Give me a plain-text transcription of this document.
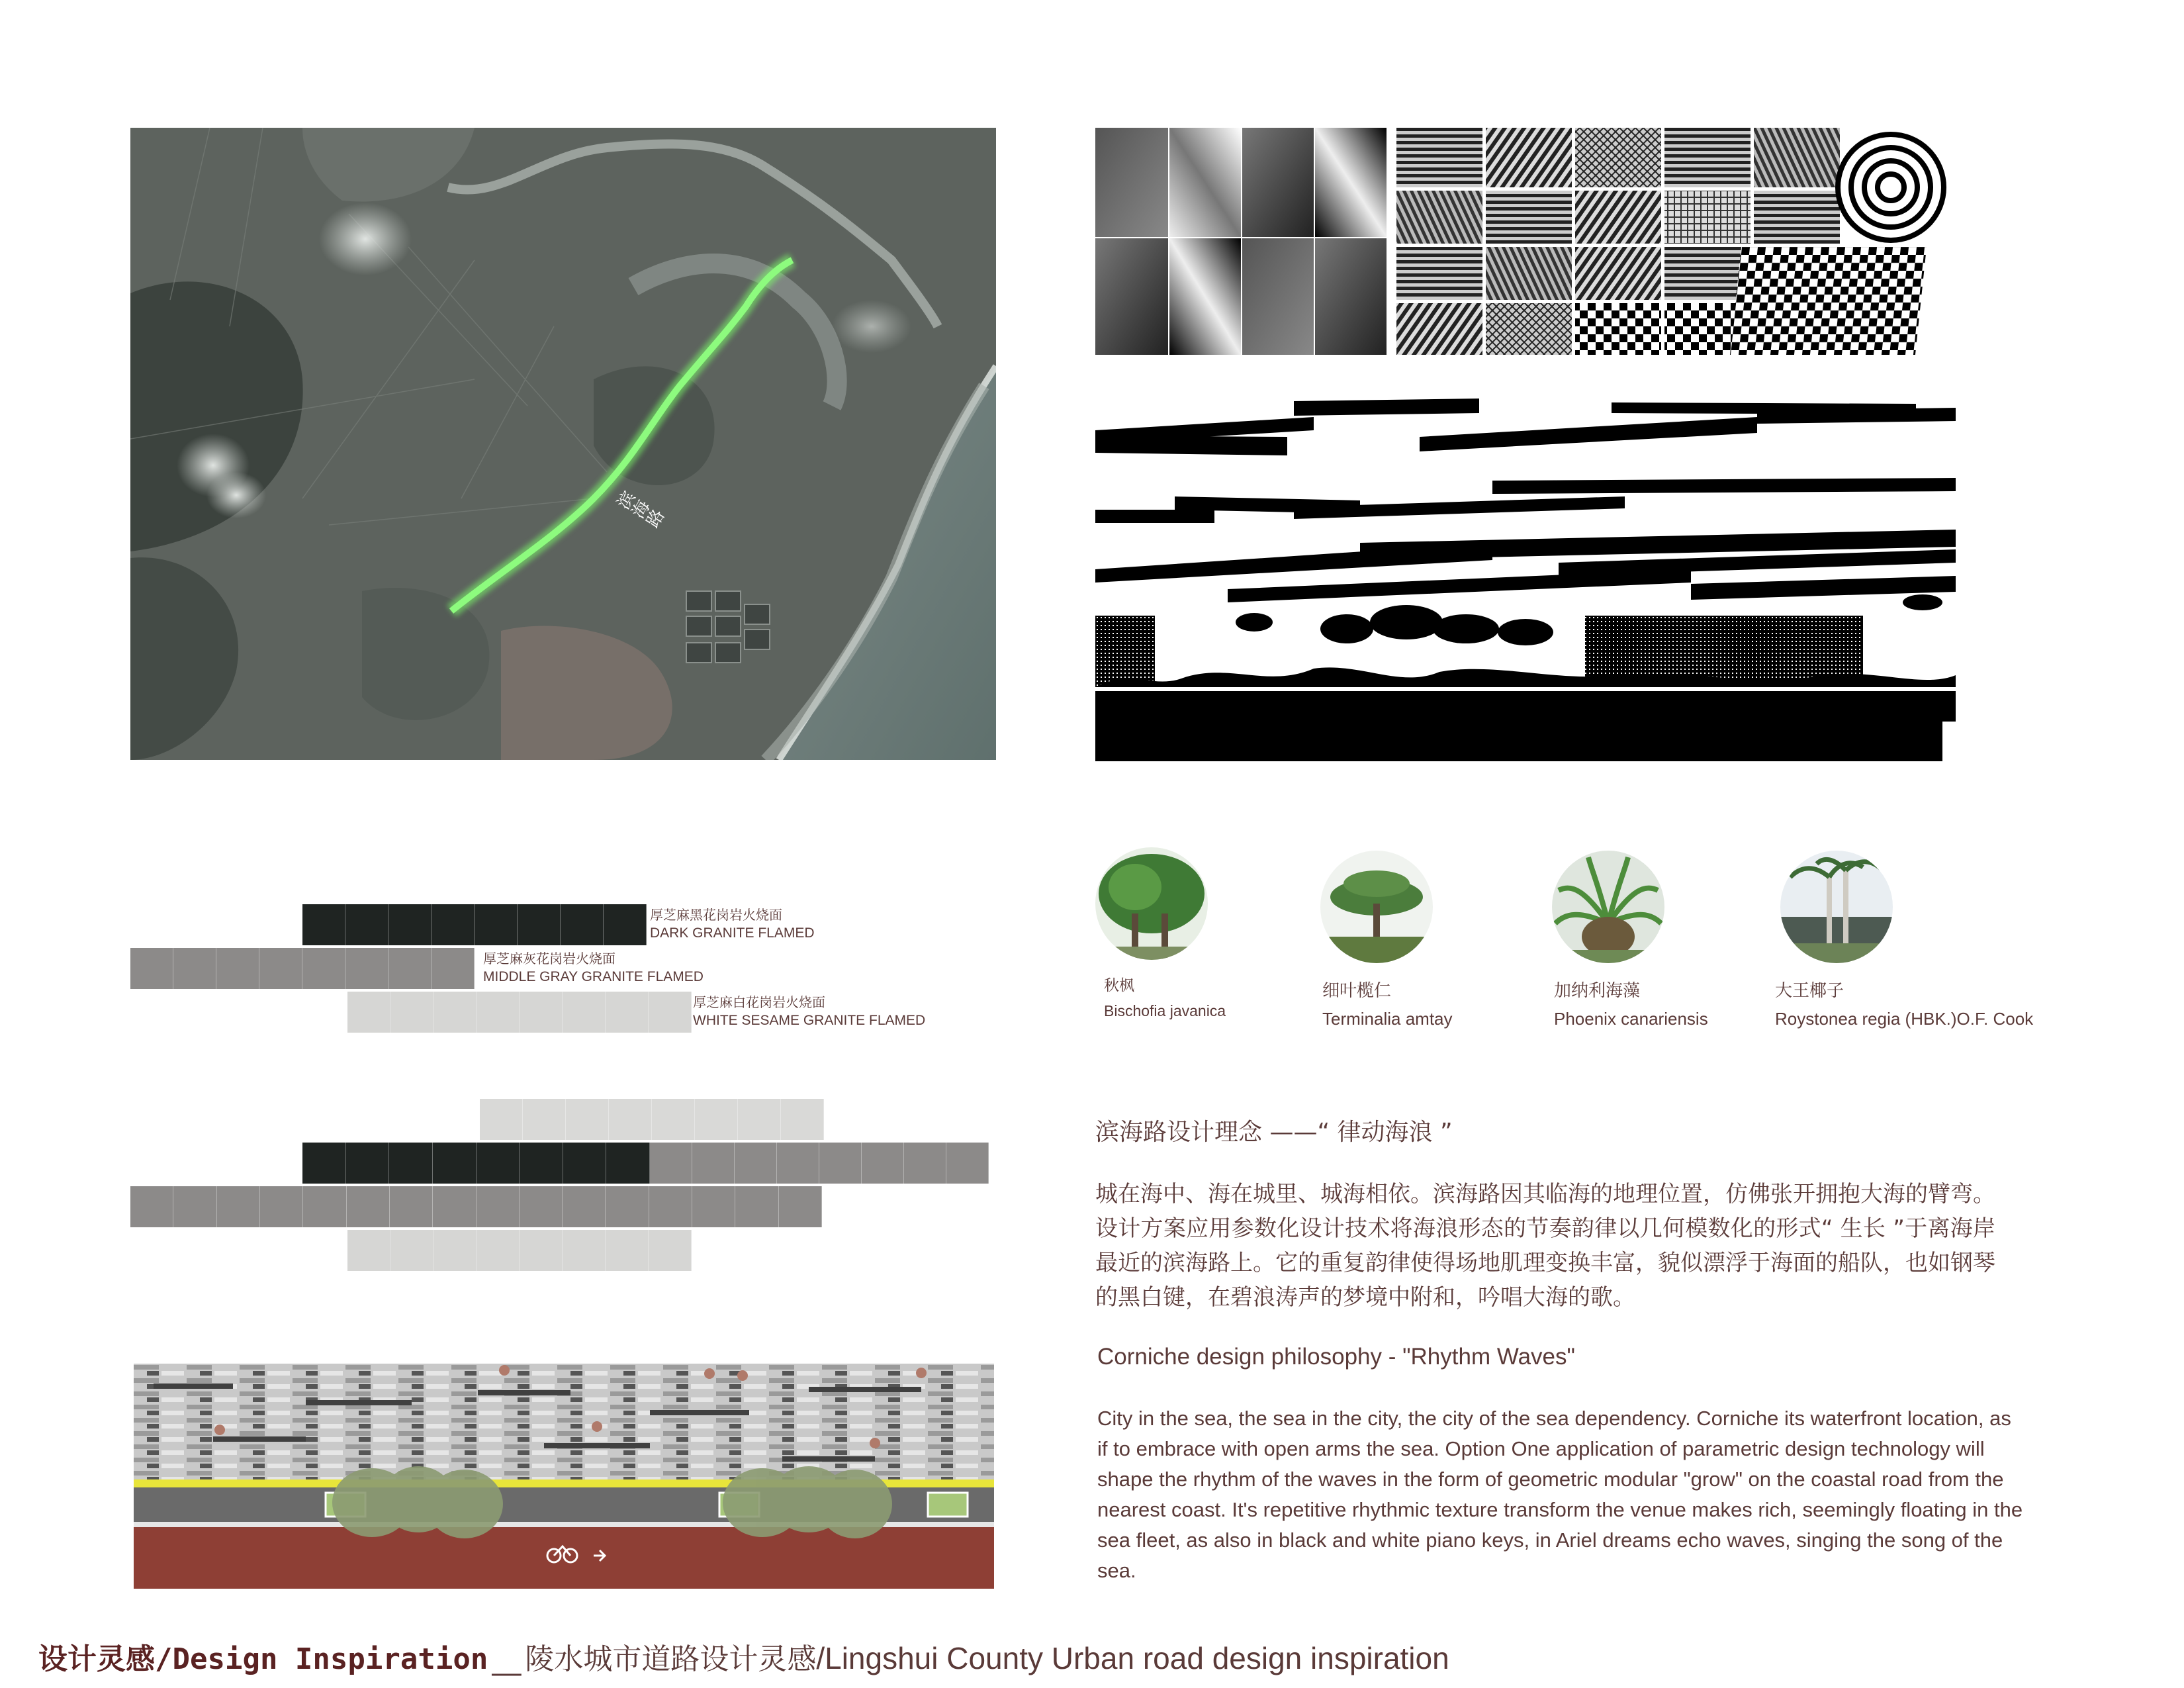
滨海路
厚芝麻黑花岗岩火烧面
DARK GRANITE FLAMED
厚芝麻灰花岗岩火烧面
MIDDLE GRAY GRANITE FLAMED
厚芝麻白花岗岩火烧面
WHITE SESAME GRANITE FLAMED
秋枫
Bischofia javanica
细叶榄仁
Terminalia amtay
加纳利海藻
Phoenix canariensis
大王椰子
Roystonea regia (HBK.)O.F. Cook
滨海路设计理念 ——“ 律动海浪 ”
城在海中、海在城里、城海相依。滨海路因其临海的地理位置，仿佛张开拥抱大海的臂弯。设计方案应用参数化设计技术将海浪形态的节奏韵律以几何模数化的形式“ 生长 ”于离海岸最近的滨海路上。它的重复韵律使得场地肌理变换丰富，貌似漂浮于海面的船队，也如钢琴的黑白键，在碧浪涛声的梦境中附和，吟唱大海的歌。
Corniche design philosophy - "Rhythm Waves"
City in the sea, the sea in the city, the city of the sea dependency. Corniche its waterfront location, as if to embrace with open arms the sea. Option One application of parametric design technology will shape the rhythm of the waves in the form of geometric modular "grow" on the coastal road from the nearest coast. It's repetitive rhythmic texture transform the venue makes rich, seemingly floating in the sea fleet, as also in black and white piano keys, in Ariel dreams echo waves, singing the song of the sea.
设计灵感 /Design Inspiration __ 陵水城市道路设计灵感 /Lingshui County Urban road design inspiration
